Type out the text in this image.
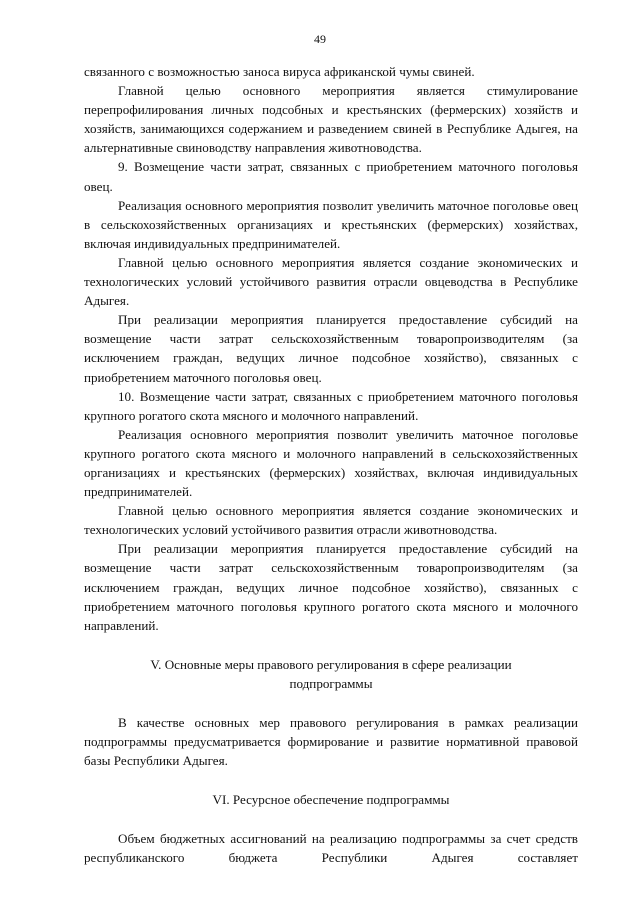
49

связанного с возможностью заноса вируса африканской чумы свиней.

Главной целью основного мероприятия является стимулирование перепрофилирования личных подсобных и крестьянских (фермерских) хозяйств и хозяйств, занимающихся содержанием и разведением свиней в Республике Адыгея, на альтернативные свиноводству направления животноводства.

9. Возмещение части затрат, связанных с приобретением маточного поголовья овец.

Реализация основного мероприятия позволит увеличить маточное поголовье овец в сельскохозяйственных организациях и крестьянских (фермерских) хозяйствах, включая индивидуальных предпринимателей.

Главной целью основного мероприятия является создание экономических и технологических условий устойчивого развития отрасли овцеводства в Республике Адыгея.

При реализации мероприятия планируется предоставление субсидий на возмещение части затрат сельскохозяйственным товаропроизводителям (за исключением граждан, ведущих личное подсобное хозяйство), связанных с приобретением маточного поголовья овец.

10. Возмещение части затрат, связанных с приобретением маточного поголовья крупного рогатого скота мясного и молочного направлений.

Реализация основного мероприятия позволит увеличить маточное поголовье крупного рогатого скота мясного и молочного направлений в сельскохозяйственных организациях и крестьянских (фермерских) хозяйствах, включая индивидуальных предпринимателей.

Главной целью основного мероприятия является создание экономических и технологических условий устойчивого развития отрасли животноводства.

При реализации мероприятия планируется предоставление субсидий на возмещение части затрат сельскохозяйственным товаропроизводителям (за исключением граждан, ведущих личное подсобное хозяйство), связанных с приобретением маточного поголовья крупного рогатого скота мясного и молочного направлений.

V. Основные меры правового регулирования в сфере реализации
подпрограммы

В качестве основных мер правового регулирования в рамках реализации подпрограммы предусматривается формирование и развитие нормативной правовой базы Республики Адыгея.

VI. Ресурсное обеспечение подпрограммы

Объем бюджетных ассигнований на реализацию подпрограммы за счет средств республиканского бюджета Республики Адыгея составляет
